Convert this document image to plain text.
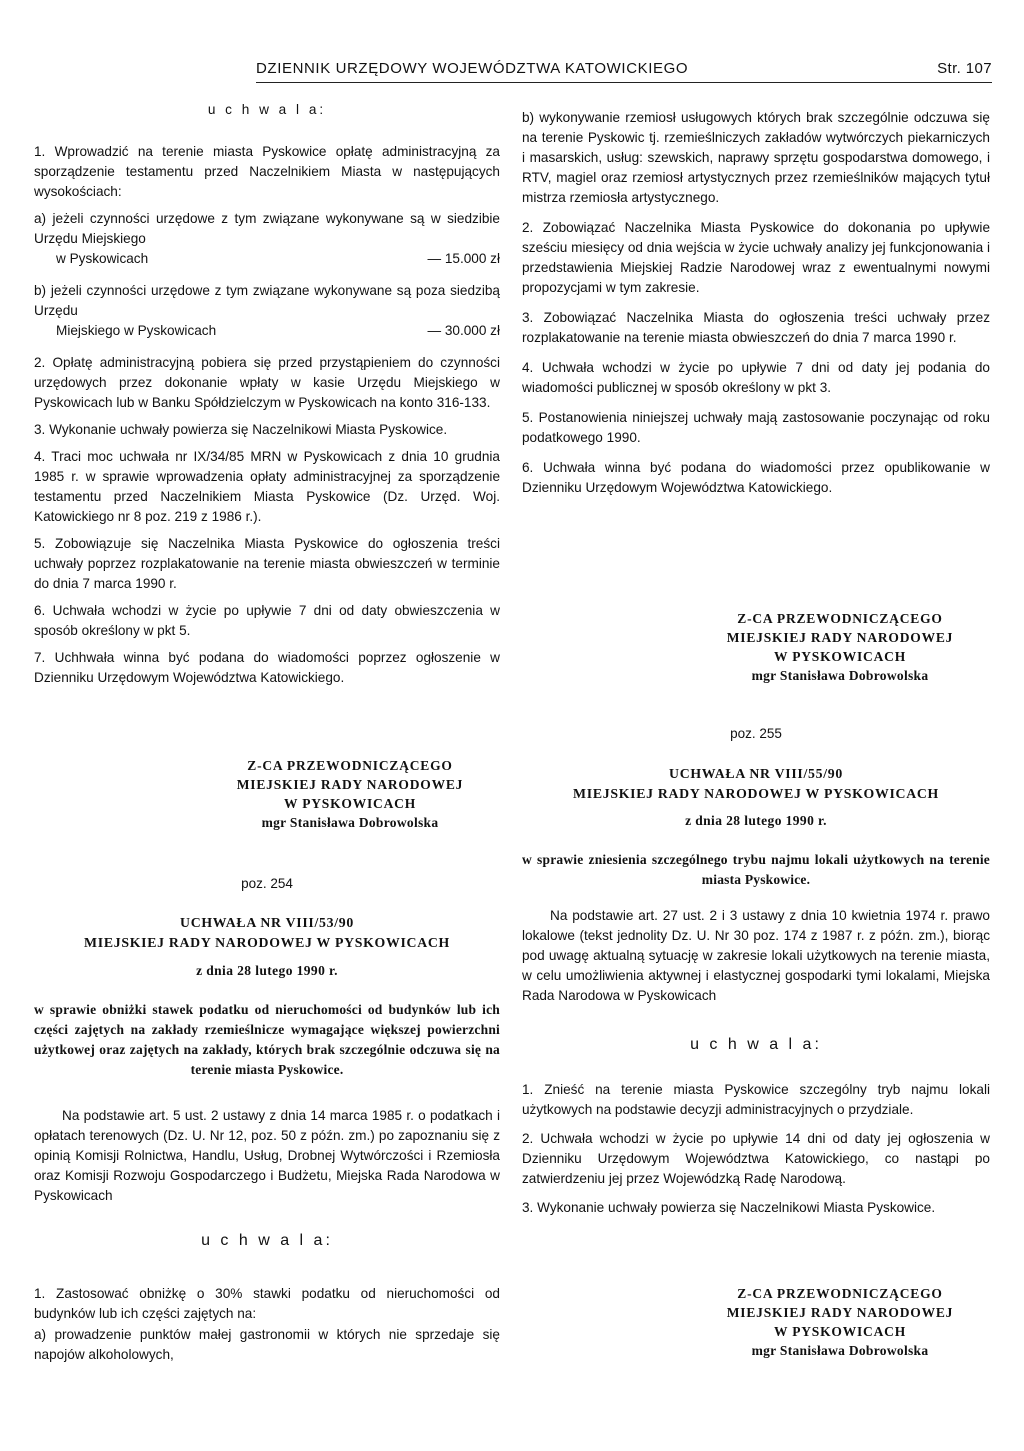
DZIENNIK URZĘDOWY WOJEWÓDZTWA KATOWICKIEGO	Str. 107

u c h w a l a:

1. Wprowadzić na terenie miasta Pyskowice opłatę administracyjną za sporządzenie testamentu przed Naczelnikiem Miasta w następujących wysokościach:

a) jeżeli czynności urzędowe z tym związane wykonywane są w siedzibie Urzędu Miejskiego
w Pyskowicach	— 15.000 zł
b) jeżeli czynności urzędowe z tym związane wykonywane są poza siedzibą Urzędu
Miejskiego w Pyskowicach	— 30.000 zł

2. Opłatę administracyjną pobiera się przed przystąpieniem do czynności urzędowych przez dokonanie wpłaty w kasie Urzędu Miejskiego w Pyskowicach lub w Banku Spółdzielczym w Pyskowicach na konto 316-133.

3. Wykonanie uchwały powierza się Naczelnikowi Miasta Pyskowice.

4. Traci moc uchwała nr IX/34/85 MRN w Pyskowicach z dnia 10 grudnia 1985 r. w sprawie wprowadzenia opłaty administracyjnej za sporządzenie testamentu przed Naczelnikiem Miasta Pyskowice (Dz. Urzęd. Woj. Katowickiego nr 8 poz. 219 z 1986 r.).

5. Zobowiązuje się Naczelnika Miasta Pyskowice do ogłoszenia treści uchwały poprzez rozplakatowanie na terenie miasta obwieszczeń w terminie do dnia 7 marca 1990 r.

6. Uchwała wchodzi w życie po upływie 7 dni od daty obwieszczenia w sposób określony w pkt 5.

7. Uchhwała winna być podana do wiadomości poprzez ogłoszenie w Dzienniku Urzędowym Województwa Katowickiego.

Z-CA PRZEWODNICZĄCEGO
MIEJSKIEJ RADY NARODOWEJ
W PYSKOWICACH
mgr Stanisława Dobrowolska

poz. 254

UCHWAŁA NR VIII/53/90
MIEJSKIEJ RADY NARODOWEJ W PYSKOWICACH

z dnia 28 lutego 1990 r.

w sprawie obniżki stawek podatku od nieruchomości od budynków lub ich części zajętych na zakłady rzemieślnicze wymagające większej powierzchni użytkowej oraz zajętych na zakłady, których brak szczególnie odczuwa się na terenie miasta Pyskowice.

Na podstawie art. 5 ust. 2 ustawy z dnia 14 marca 1985 r. o podatkach i opłatach terenowych (Dz. U. Nr 12, poz. 50 z późn. zm.) po zapoznaniu się z opinią Komisji Rolnictwa, Handlu, Usług, Drobnej Wytwórczości i Rzemiosła oraz Komisji Rozwoju Gospodarczego i Budżetu, Miejska Rada Narodowa w Pyskowicach

u c h w a l a:

1. Zastosować obniżkę o 30% stawki podatku od nieruchomości od budynków lub ich części zajętych na:

a) prowadzenie punktów małej gastronomii w których nie sprzedaje się napojów alkoholowych,

b) wykonywanie rzemiosł usługowych których brak szczególnie odczuwa się na terenie Pyskowic tj. rzemieślniczych zakładów wytwórczych piekarniczych i masarskich, usług: szewskich, naprawy sprzętu gospodarstwa domowego, i RTV, magiel oraz rzemiosł artystycznych przez rzemieślników mających tytuł mistrza rzemiosła artystycznego.

2. Zobowiązać Naczelnika Miasta Pyskowice do dokonania po upływie sześciu miesięcy od dnia wejścia w życie uchwały analizy jej funkcjonowania i przedstawienia Miejskiej Radzie Narodowej wraz z ewentualnymi nowymi propozycjami w tym zakresie.

3. Zobowiązać Naczelnika Miasta do ogłoszenia treści uchwały przez rozplakatowanie na terenie miasta obwieszczeń do dnia 7 marca 1990 r.

4. Uchwała wchodzi w życie po upływie 7 dni od daty jej podania do wiadomości publicznej w sposób określony w pkt 3.

5. Postanowienia niniejszej uchwały mają zastosowanie poczynając od roku podatkowego 1990.

6. Uchwała winna być podana do wiadomości przez opublikowanie w Dzienniku Urzędowym Województwa Katowickiego.

Z-CA PRZEWODNICZĄCEGO
MIEJSKIEJ RADY NARODOWEJ
W PYSKOWICACH
mgr Stanisława Dobrowolska

poz. 255

UCHWAŁA NR VIII/55/90
MIEJSKIEJ RADY NARODOWEJ W PYSKOWICACH

z dnia 28 lutego 1990 r.

w sprawie zniesienia szczególnego trybu najmu lokali użytkowych na terenie miasta Pyskowice.

Na podstawie art. 27 ust. 2 i 3 ustawy z dnia 10 kwietnia 1974 r. prawo lokalowe (tekst jednolity Dz. U. Nr 30 poz. 174 z 1987 r. z późn. zm.), biorąc pod uwagę aktualną sytuację w zakresie lokali użytkowych na terenie miasta, w celu umożliwienia aktywnej i elastycznej gospodarki tymi lokalami, Miejska Rada Narodowa w Pyskowicach

u c h w a l a:

1. Znieść na terenie miasta Pyskowice szczególny tryb najmu lokali użytkowych na podstawie decyzji administracyjnych o przydziale.

2. Uchwała wchodzi w życie po upływie 14 dni od daty jej ogłoszenia w Dzienniku Urzędowym Województwa Katowickiego, co nastąpi po zatwierdzeniu jej przez Wojewódzką Radę Narodową.

3. Wykonanie uchwały powierza się Naczelnikowi Miasta Pyskowice.

Z-CA PRZEWODNICZĄCEGO
MIEJSKIEJ RADY NARODOWEJ
W PYSKOWICACH
mgr Stanisława Dobrowolska
